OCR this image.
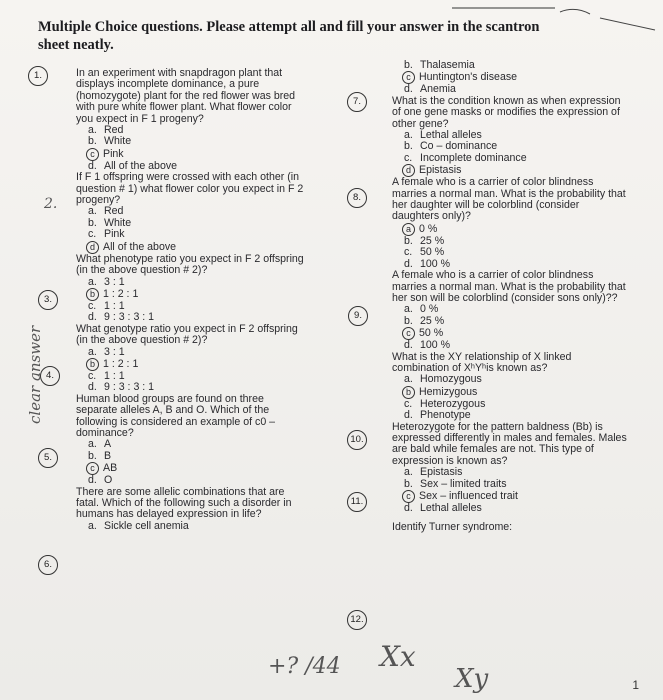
Multiple Choice questions. Please attempt all and fill your answer in the scantron
sheet neatly.
1.
3.
4.
5.
6.
2.
7.
8.
9.
10.
11.
12.
In an experiment with snapdragon plant that displays incomplete dominance, a pure (homozygote) plant for the red flower was bred with pure white flower plant. What flower color you expect in F 1 progeny?
a. Red
b. White
c Pink
d. All of the above
If F 1 offspring were crossed with each other (in question # 1) what flower color you expect in F 2 progeny?
a. Red
b. White
c. Pink
d All of the above
What phenotype ratio you expect in F 2 offspring (in the above question # 2)?
a. 3 : 1
b 1 : 2 : 1
c. 1 : 1
d. 9 : 3 : 3 : 1
What genotype ratio you expect in F 2 offspring (in the above question # 2)?
a. 3 : 1
b 1 : 2 : 1
c. 1 : 1
d. 9 : 3 : 3 : 1
Human blood groups are found on three separate alleles A, B and O. Which of the following is considered an example of c0 – dominance?
a. A
b. B
c AB
d. O
There are some allelic combinations that are fatal. Which of the following such a disorder in humans has delayed expression in life?
a. Sickle cell anemia
b. Thalasemia
c Huntington's disease
d. Anemia
What is the condition known as when expression of one gene masks or modifies the expression of other gene?
a. Lethal alleles
b. Co – dominance
c. Incomplete dominance
d Epistasis
A female who is a carrier of color blindness marries a normal man. What is the probability that her daughter will be colorblind (consider daughters only)?
a 0 %
b. 25 %
c. 50 %
d. 100 %
A female who is a carrier of color blindness marries a normal man. What is the probability that her son will be colorblind (consider sons only)??
a. 0 %
b. 25 %
c 50 %
d. 100 %
What is the XY relationship of X linked combination of XʰYʰis known as?
a. Homozygous
b Hemizygous
c. Heterozygous
d. Phenotype
Heterozygote for the pattern baldness (Bb) is expressed differently in males and females. Males are bald while females are not. This type of expression is known as?
a. Epistasis
b. Sex – limited traits
c Sex – influenced trait
d. Lethal alleles
Identify Turner syndrome:
clear answer
+? /44 Xx
Xy	1
